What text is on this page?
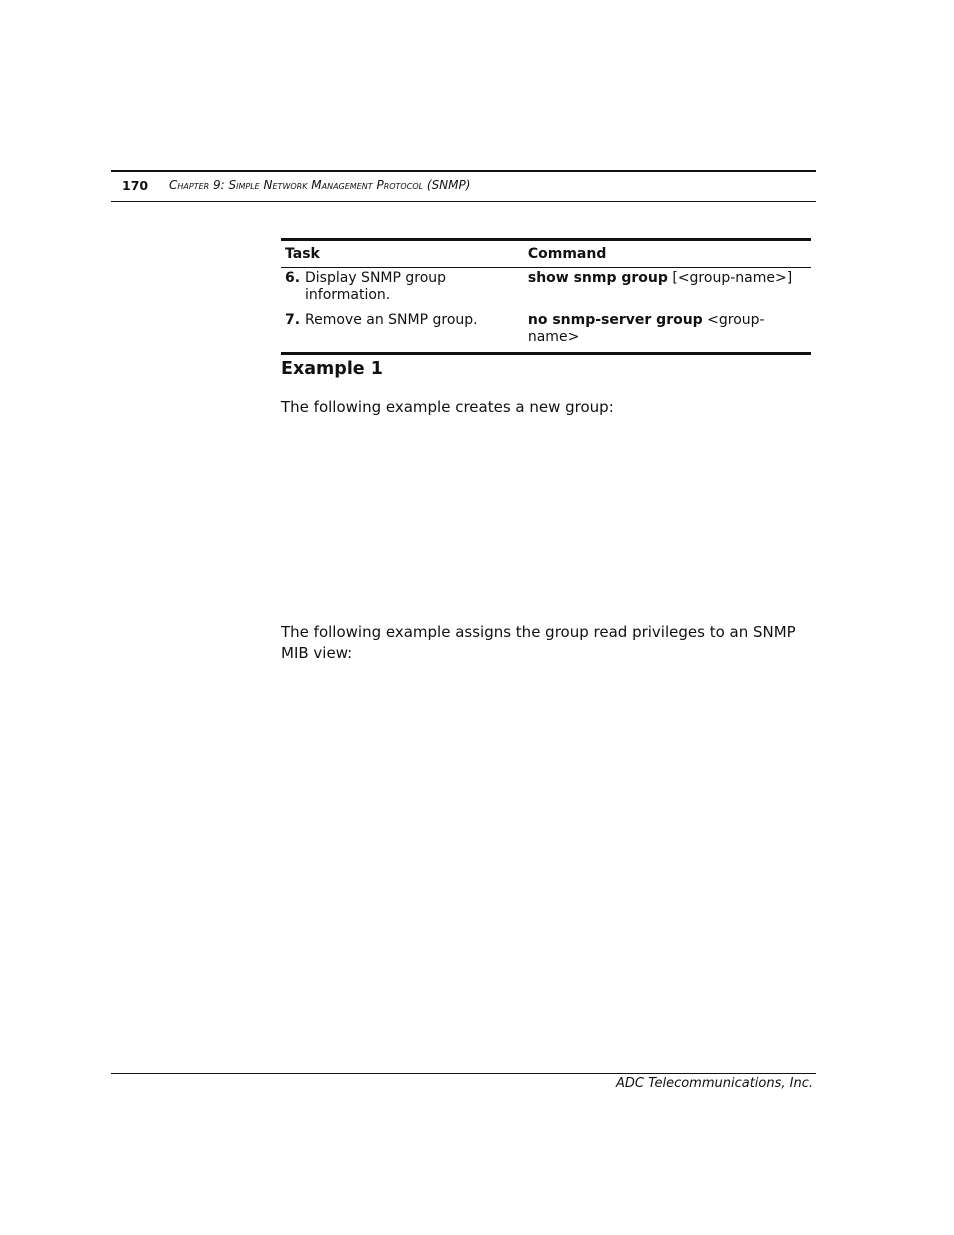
170 Chapter 9: Simple Network Management Protocol (SNMP)
Task	Command

6. Display SNMP group information.	show snmp group [<group-name>]

7. Remove an SNMP group.	no snmp-server group <group-name>
Example 1

The following example creates a new group:

The following example assigns the group read privileges to an SNMP MIB view:

ADC Telecommunications, Inc.
